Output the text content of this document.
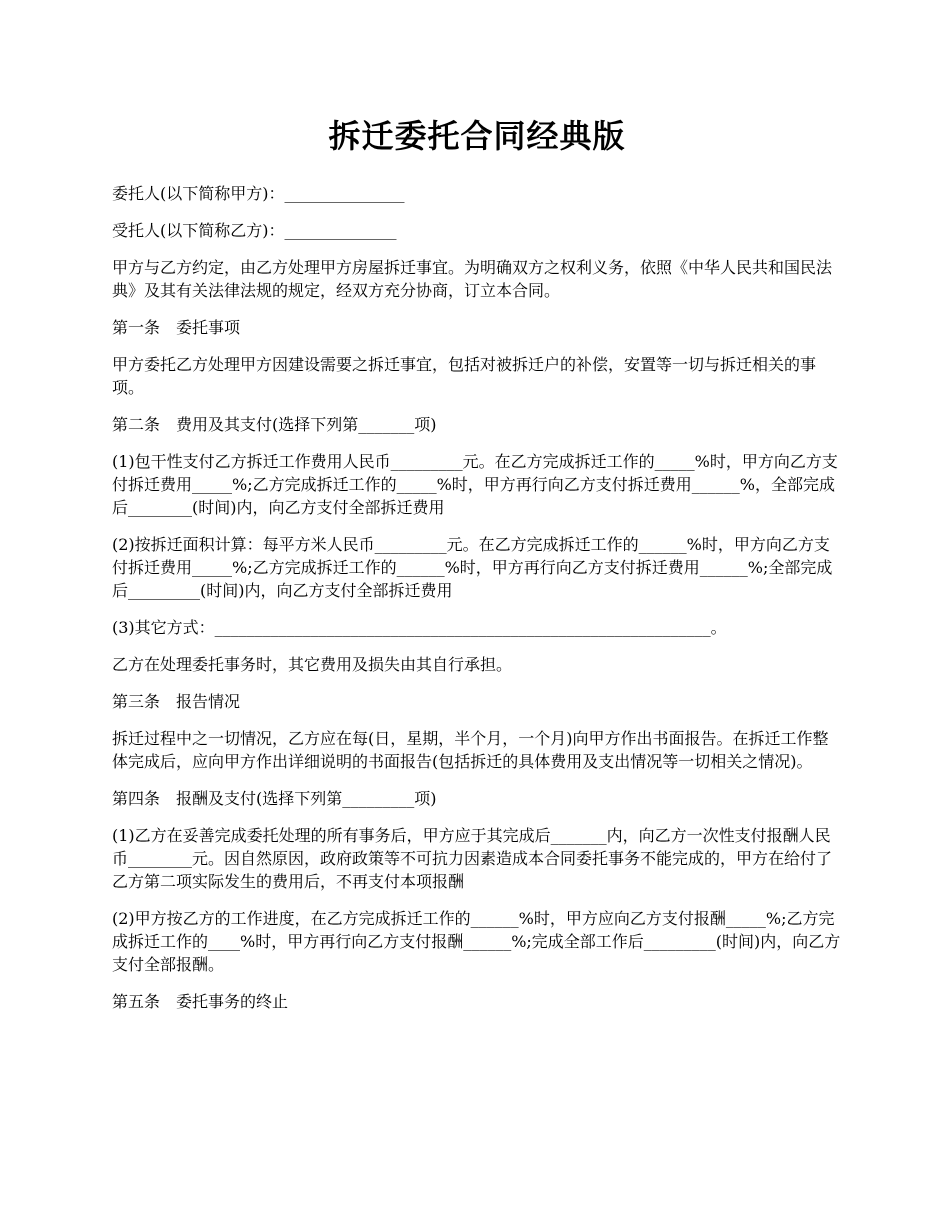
拆迁委托合同经典版

委托人(以下简称甲方)：_______________

受托人(以下简称乙方)：______________

甲方与乙方约定，由乙方处理甲方房屋拆迁事宜。为明确双方之权利义务，依照《中华人民共和国民法典》及其有关法律法规的规定，经双方充分协商，订立本合同。

第一条　委托事项

甲方委托乙方处理甲方因建设需要之拆迁事宜，包括对被拆迁户的补偿，安置等一切与拆迁相关的事项。

第二条　费用及其支付(选择下列第_______项)

(1)包干性支付乙方拆迁工作费用人民币_________元。在乙方完成拆迁工作的_____%时，甲方向乙方支付拆迁费用_____%;乙方完成拆迁工作的_____%时，甲方再行向乙方支付拆迁费用______%，全部完成后________(时间)内，向乙方支付全部拆迁费用

(2)按拆迁面积计算：每平方米人民币_________元。在乙方完成拆迁工作的______%时，甲方向乙方支付拆迁费用_____%;乙方完成拆迁工作的______%时，甲方再行向乙方支付拆迁费用______%;全部完成后_________(时间)内，向乙方支付全部拆迁费用

(3)其它方式：______________________________________________________________。

乙方在处理委托事务时，其它费用及损失由其自行承担。

第三条　报告情况

拆迁过程中之一切情况，乙方应在每(日，星期，半个月，一个月)向甲方作出书面报告。在拆迁工作整体完成后，应向甲方作出详细说明的书面报告(包括拆迁的具体费用及支出情况等一切相关之情况)。

第四条　报酬及支付(选择下列第_________项)

(1)乙方在妥善完成委托处理的所有事务后，甲方应于其完成后_______内，向乙方一次性支付报酬人民币________元。因自然原因，政府政策等不可抗力因素造成本合同委托事务不能完成的，甲方在给付了乙方第二项实际发生的费用后，不再支付本项报酬

(2)甲方按乙方的工作进度，在乙方完成拆迁工作的______%时，甲方应向乙方支付报酬_____%;乙方完成拆迁工作的____%时，甲方再行向乙方支付报酬______%;完成全部工作后_________(时间)内，向乙方支付全部报酬。

第五条　委托事务的终止
